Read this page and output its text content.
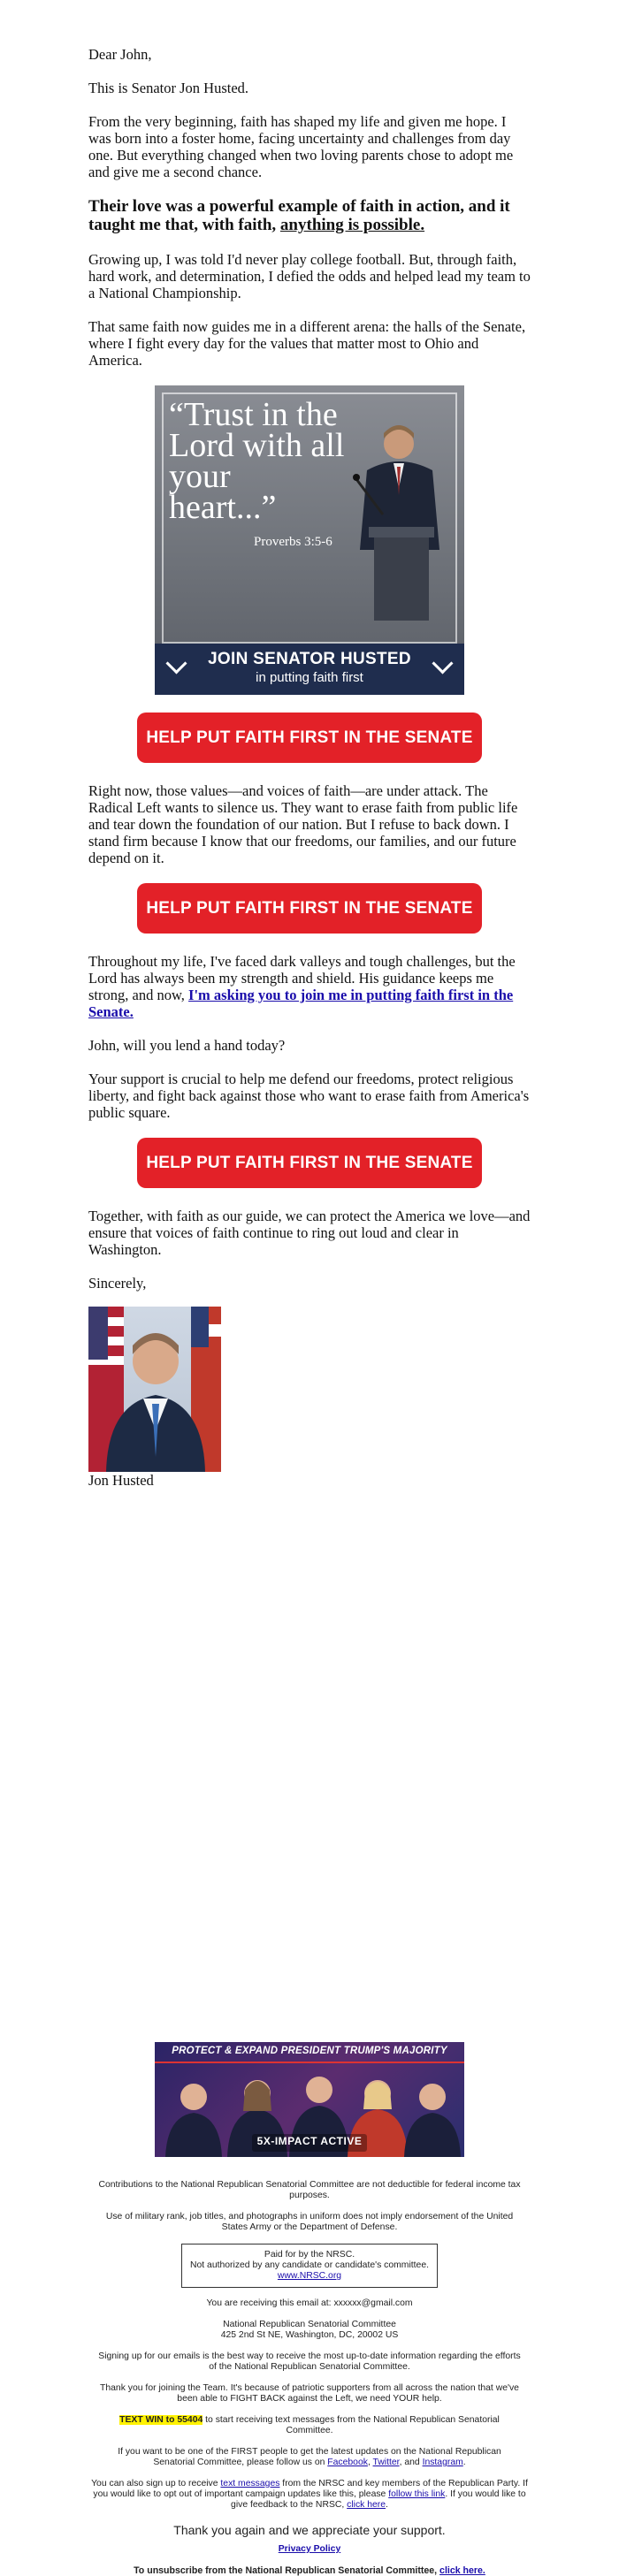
Dear John,

This is Senator Jon Husted.

From the very beginning, faith has shaped my life and given me hope. I was born into a foster home, facing uncertainty and challenges from day one. But everything changed when two loving parents chose to adopt me and give me a second chance.

Their love was a powerful example of faith in action, and it taught me that, with faith, anything is possible.

Growing up, I was told I'd never play college football. But, through faith, hard work, and determination, I defied the odds and helped lead my team to a National Championship.

That same faith now guides me in a different arena: the halls of the Senate, where I fight every day for the values that matter most to Ohio and America.

“Trust in the Lord with all your heart...”
Proverbs 3:5-6
JOIN SENATOR HUSTED
in putting faith first
HELP PUT FAITH FIRST IN THE SENATE

Right now, those values—and voices of faith—are under attack. The Radical Left wants to silence us. They want to erase faith from public life and tear down the foundation of our nation. But I refuse to back down. I stand firm because I know that our freedoms, our families, and our future depend on it.

HELP PUT FAITH FIRST IN THE SENATE

Throughout my life, I've faced dark valleys and tough challenges, but the Lord has always been my strength and shield. His guidance keeps me strong, and now, I'm asking you to join me in putting faith first in the Senate.

John, will you lend a hand today?

Your support is crucial to help me defend our freedoms, protect religious liberty, and fight back against those who want to erase faith from America's public square.

HELP PUT FAITH FIRST IN THE SENATE

Together, with faith as our guide, we can protect the America we love—and ensure that voices of faith continue to ring out loud and clear in Washington.

Sincerely,

Jon Husted
PROTECT & EXPAND PRESIDENT TRUMP'S MAJORITY
5X-IMPACT ACTIVE

Contributions to the National Republican Senatorial Committee are not deductible for federal income tax purposes.

Use of military rank, job titles, and photographs in uniform does not imply endorsement of the United States Army or the Department of Defense.

Paid for by the NRSC.
Not authorized by any candidate or candidate's committee.
www.NRSC.org

You are receiving this email at: xxxxxx@gmail.com

National Republican Senatorial Committee
425 2nd St NE, Washington, DC, 20002 US

Signing up for our emails is the best way to receive the most up-to-date information regarding the efforts of the National Republican Senatorial Committee.

Thank you for joining the Team. It's because of patriotic supporters from all across the nation that we've been able to FIGHT BACK against the Left, we need YOUR help.

TEXT WIN to 55404 to start receiving text messages from the National Republican Senatorial Committee.

If you want to be one of the FIRST people to get the latest updates on the National Republican Senatorial Committee, please follow us on Facebook, Twitter, and Instagram.

You can also sign up to receive text messages from the NRSC and key members of the Republican Party. If you would like to opt out of important campaign updates like this, please follow this link. If you would like to give feedback to the NRSC, click here.

Thank you again and we appreciate your support.

Privacy Policy

To unsubscribe from the National Republican Senatorial Committee, click here.
